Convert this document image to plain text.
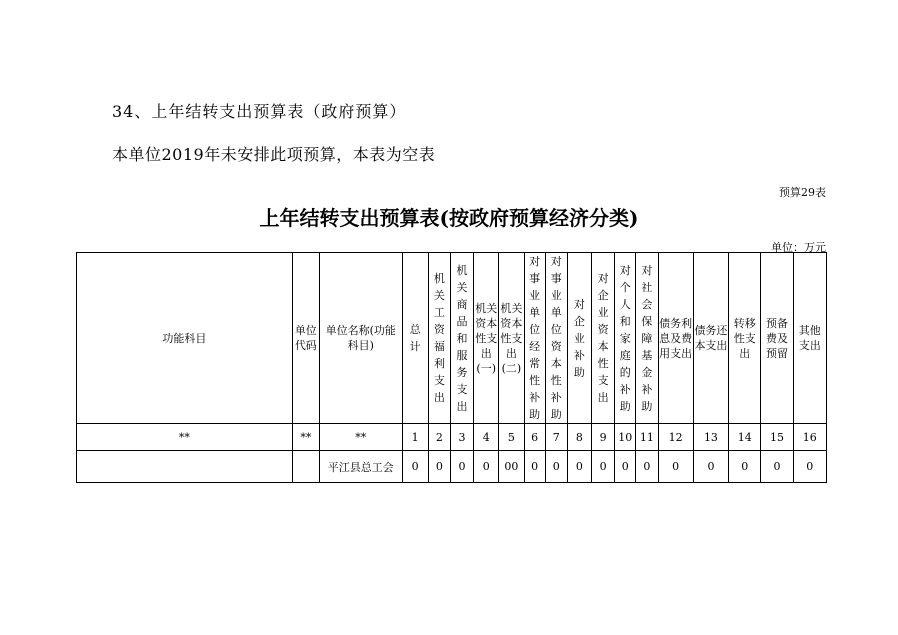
34、上年结转支出预算表（政府预算）
本单位2019年未安排此项预算，本表为空表
预算29表
上年结转支出预算表(按政府预算经济分类)
单位：万元
功能科目	单位代码	单位名称(功能科目)	总计	机关工资福利支出	机关商品和服务支出	机关资本性支出(一)	机关资本性支出(二)	对事业单位经常性补助	对事业单位资本性补助	对企业补助	对企业资本性支出	对个人和家庭的补助	对社会保障基金补助	债务利息及费用支出	债务还本支出	转移性支出	预备费及预留	其他支出
**	**	**	1	2	3	4	5	6	7	8	9	10	11	12	13	14	15	16
		平江县总工会	0	0	0	0	00	0	0	0	0	0	0	0	0	0	0	0
